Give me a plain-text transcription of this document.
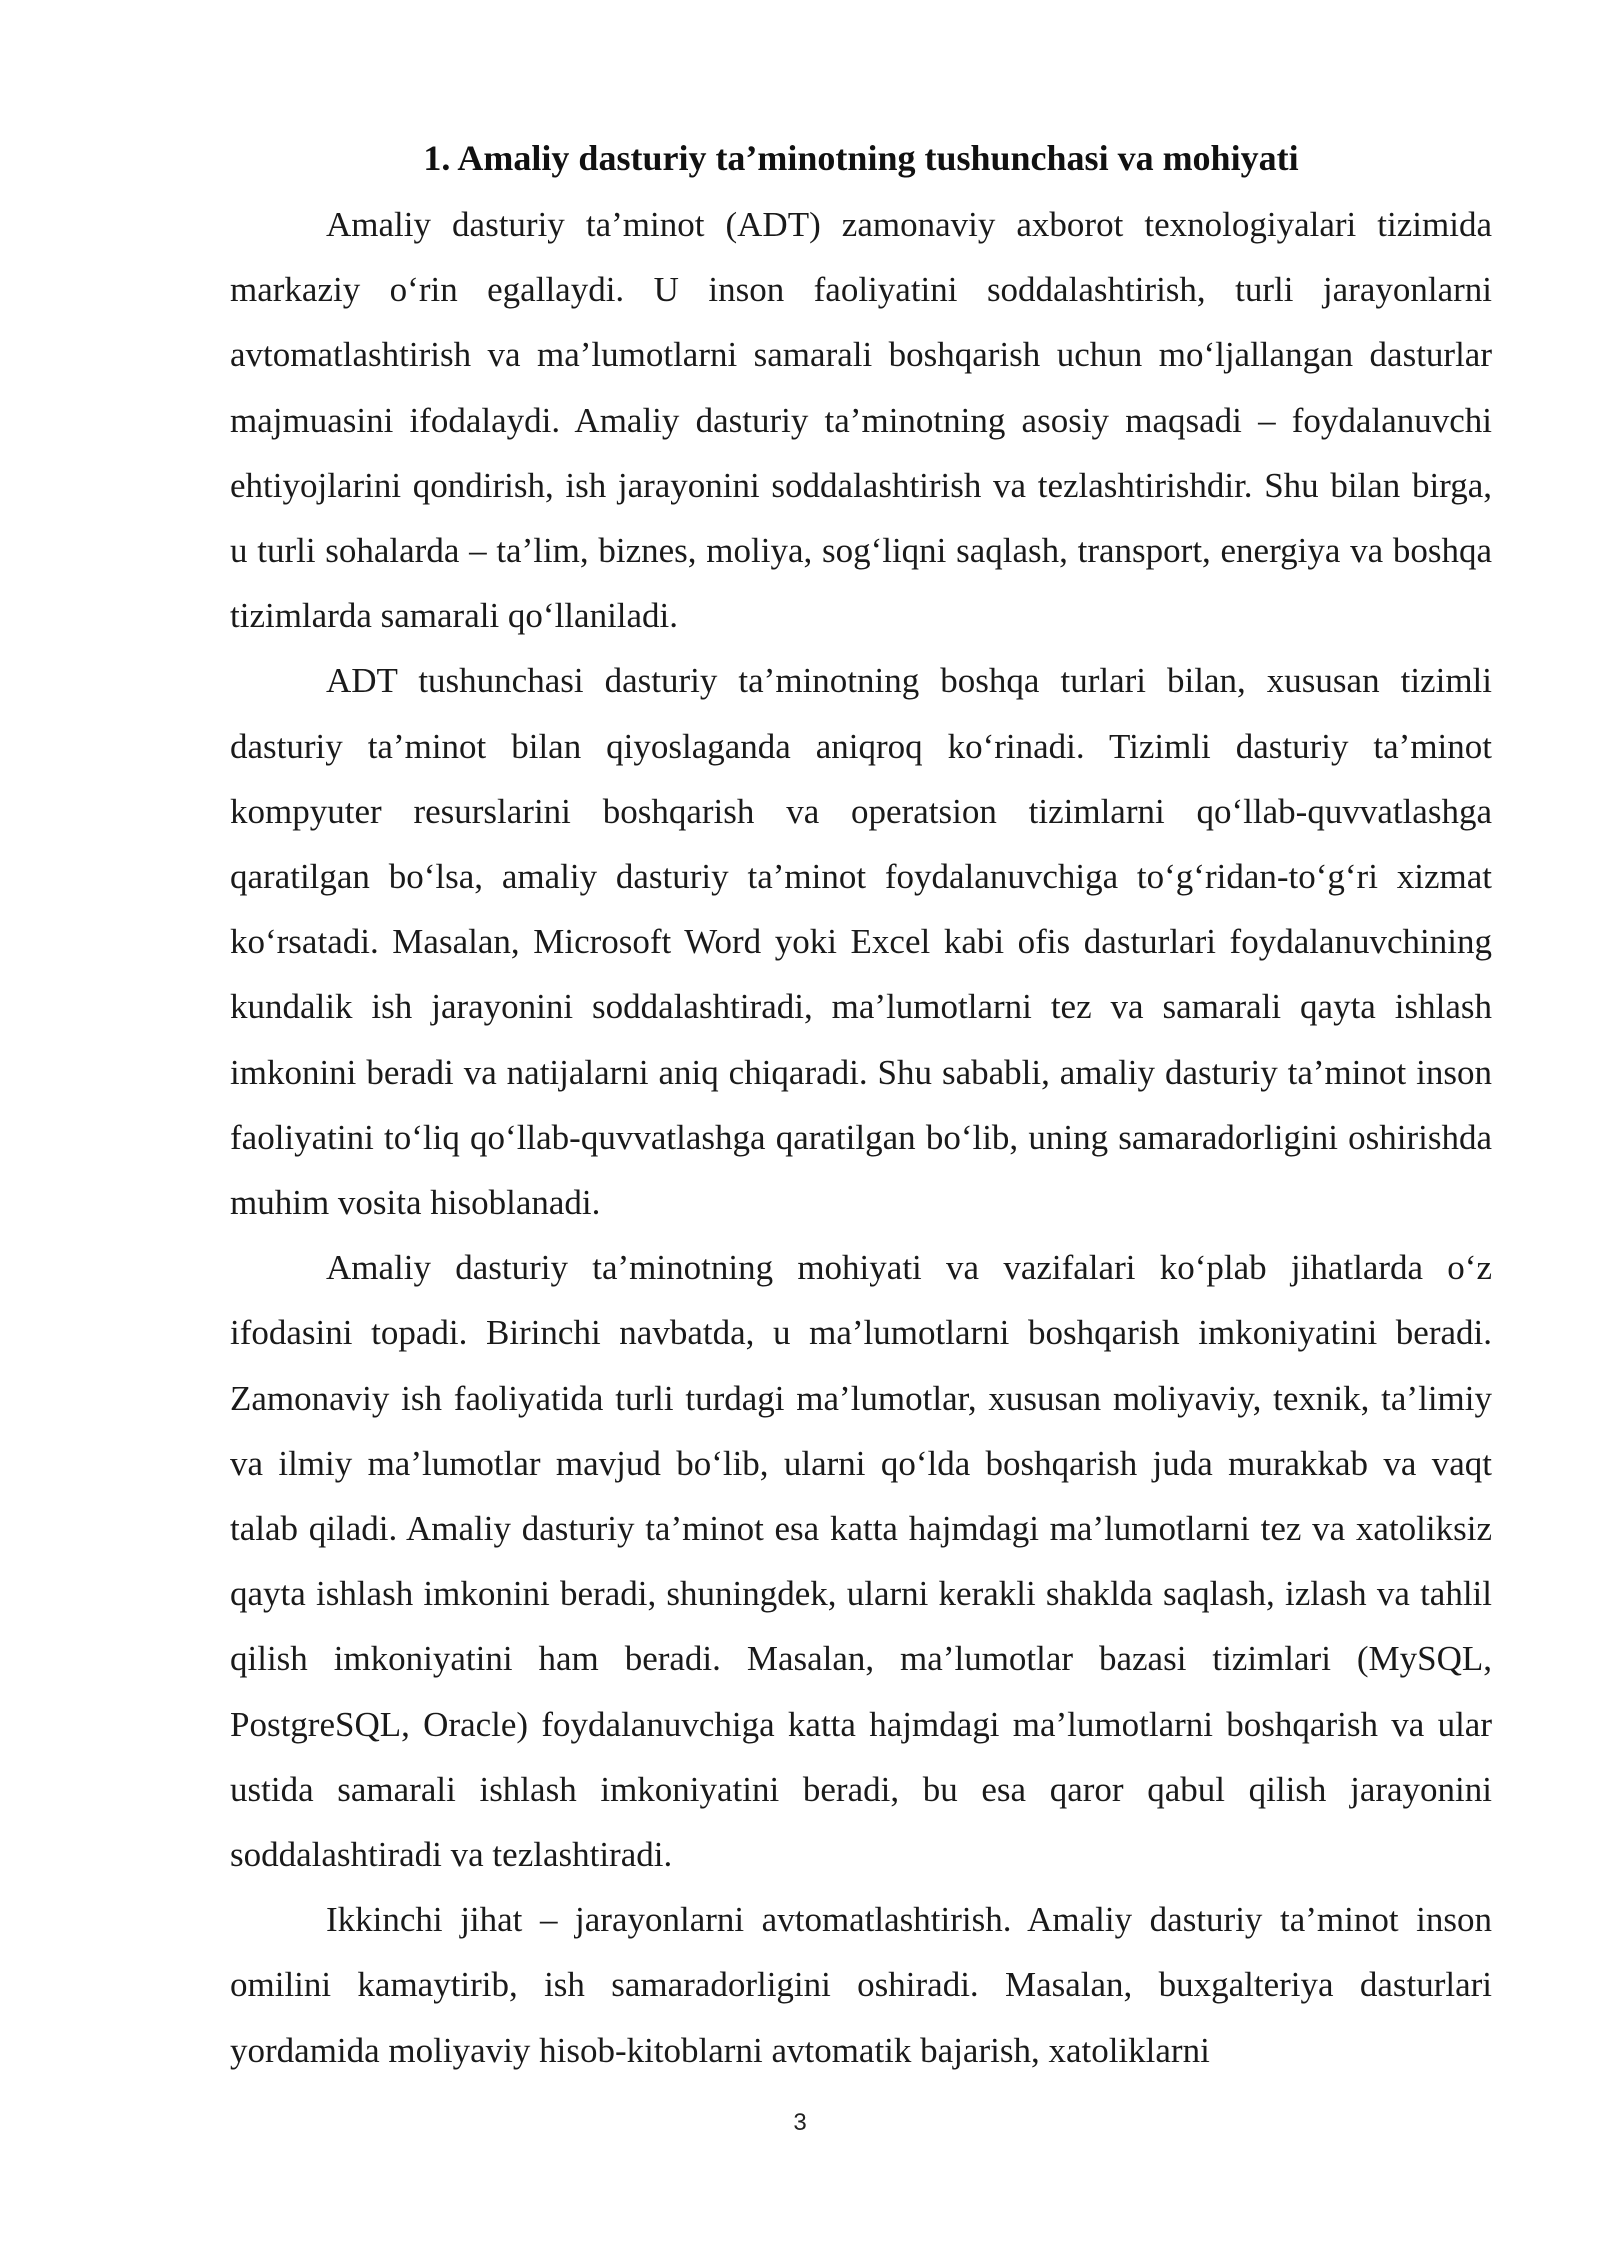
1. Amaliy dasturiy ta’minotning tushunchasi va mohiyati

Amaliy dasturiy ta’minot (ADT) zamonaviy axborot texnologiyalari tizimida markaziy o‘rin egallaydi. U inson faoliyatini soddalashtirish, turli jarayonlarni avtomatlashtirish va ma’lumotlarni samarali boshqarish uchun mo‘ljallangan dasturlar majmuasini ifodalaydi. Amaliy dasturiy ta’minotning asosiy maqsadi – foydalanuvchi ehtiyojlarini qondirish, ish jarayonini soddalashtirish va tezlashtirishdir. Shu bilan birga, u turli sohalarda – ta’lim, biznes, moliya, sog‘liqni saqlash, transport, energiya va boshqa tizimlarda samarali qo‘llaniladi.

ADT tushunchasi dasturiy ta’minotning boshqa turlari bilan, xususan tizimli dasturiy ta’minot bilan qiyoslaganda aniqroq ko‘rinadi. Tizimli dasturiy ta’minot kompyuter resurslarini boshqarish va operatsion tizimlarni qo‘llab-quvvatlashga qaratilgan bo‘lsa, amaliy dasturiy ta’minot foydalanuvchiga to‘g‘ridan-to‘g‘ri xizmat ko‘rsatadi. Masalan, Microsoft Word yoki Excel kabi ofis dasturlari foydalanuvchining kundalik ish jarayonini soddalashtiradi, ma’lumotlarni tez va samarali qayta ishlash imkonini beradi va natijalarni aniq chiqaradi. Shu sababli, amaliy dasturiy ta’minot inson faoliyatini to‘liq qo‘llab-quvvatlashga qaratilgan bo‘lib, uning samaradorligini oshirishda muhim vosita hisoblanadi.

Amaliy dasturiy ta’minotning mohiyati va vazifalari ko‘plab jihatlarda o‘z ifodasini topadi. Birinchi navbatda, u ma’lumotlarni boshqarish imkoniyatini beradi. Zamonaviy ish faoliyatida turli turdagi ma’lumotlar, xususan moliyaviy, texnik, ta’limiy va ilmiy ma’lumotlar mavjud bo‘lib, ularni qo‘lda boshqarish juda murakkab va vaqt talab qiladi. Amaliy dasturiy ta’minot esa katta hajmdagi ma’lumotlarni tez va xatoliksiz qayta ishlash imkonini beradi, shuningdek, ularni kerakli shaklda saqlash, izlash va tahlil qilish imkoniyatini ham beradi. Masalan, ma’lumotlar bazasi tizimlari (MySQL, PostgreSQL, Oracle) foydalanuvchiga katta hajmdagi ma’lumotlarni boshqarish va ular ustida samarali ishlash imkoniyatini beradi, bu esa qaror qabul qilish jarayonini soddalashtiradi va tezlashtiradi.

Ikkinchi jihat – jarayonlarni avtomatlashtirish. Amaliy dasturiy ta’minot inson omilini kamaytirib, ish samaradorligini oshiradi. Masalan, buxgalteriya dasturlari yordamida moliyaviy hisob-kitoblarni avtomatik bajarish, xatoliklarni

3
